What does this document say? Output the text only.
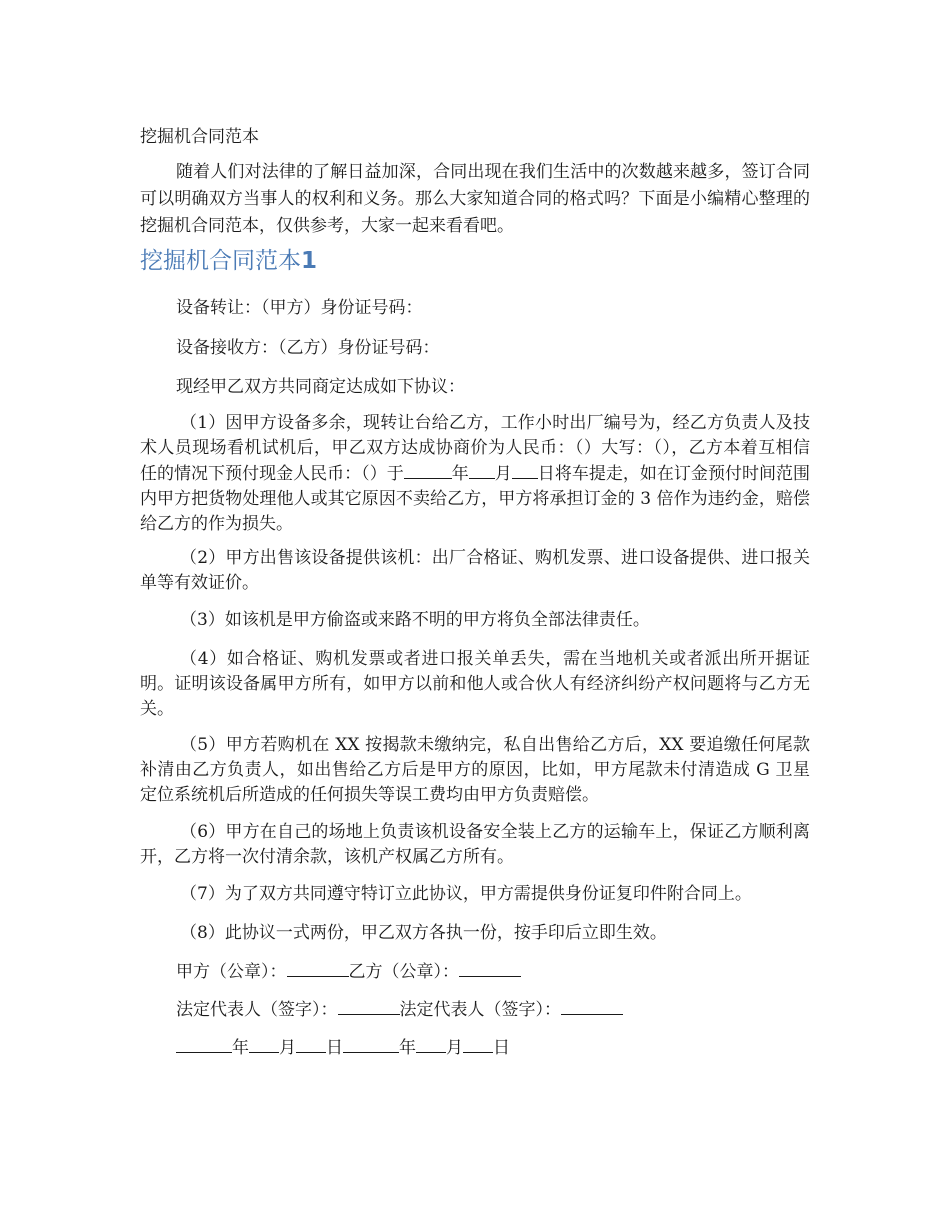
挖掘机合同范本

随着人们对法律的了解日益加深，合同出现在我们生活中的次数越来越多，签订合同可以明确双方当事人的权利和义务。那么大家知道合同的格式吗？下面是小编精心整理的挖掘机合同范本，仅供参考，大家一起来看看吧。

挖掘机合同范本1

设备转让：（甲方）身份证号码：

设备接收方：（乙方）身份证号码：

现经甲乙双方共同商定达成如下协议：

（1）因甲方设备多余，现转让台给乙方，工作小时出厂编号为，经乙方负责人及技术人员现场看机试机后，甲乙双方达成协商价为人民币：（）大写：（），乙方本着互相信任的情况下预付现金人民币：（）于	年 月 日将车提走，如在订金预付时间范围内甲方把货物处理他人或其它原因不卖给乙方，甲方将承担订金的 3 倍作为违约金，赔偿给乙方的作为损失。

（2）甲方出售该设备提供该机：出厂合格证、购机发票、进口设备提供、进口报关单等有效证价。

（3）如该机是甲方偷盗或来路不明的甲方将负全部法律责任。

（4）如合格证、购机发票或者进口报关单丢失，需在当地机关或者派出所开据证明。证明该设备属甲方所有，如甲方以前和他人或合伙人有经济纠纷产权问题将与乙方无关。

（5）甲方若购机在 XX 按揭款未缴纳完，私自出售给乙方后，XX 要追缴任何尾款补清由乙方负责人，如出售给乙方后是甲方的原因，比如，甲方尾款未付清造成 G 卫星定位系统机后所造成的任何损失等误工费均由甲方负责赔偿。

（6）甲方在自己的场地上负责该机设备安全装上乙方的运输车上，保证乙方顺利离开，乙方将一次付清余款，该机产权属乙方所有。

（7）为了双方共同遵守特订立此协议，甲方需提供身份证复印件附合同上。

（8）此协议一式两份，甲乙双方各执一份，按手印后立即生效。

甲方（公章）：	乙方（公章）：

法定代表人（签字）：	法定代表人（签字）：

年 月 日	年 月 日
